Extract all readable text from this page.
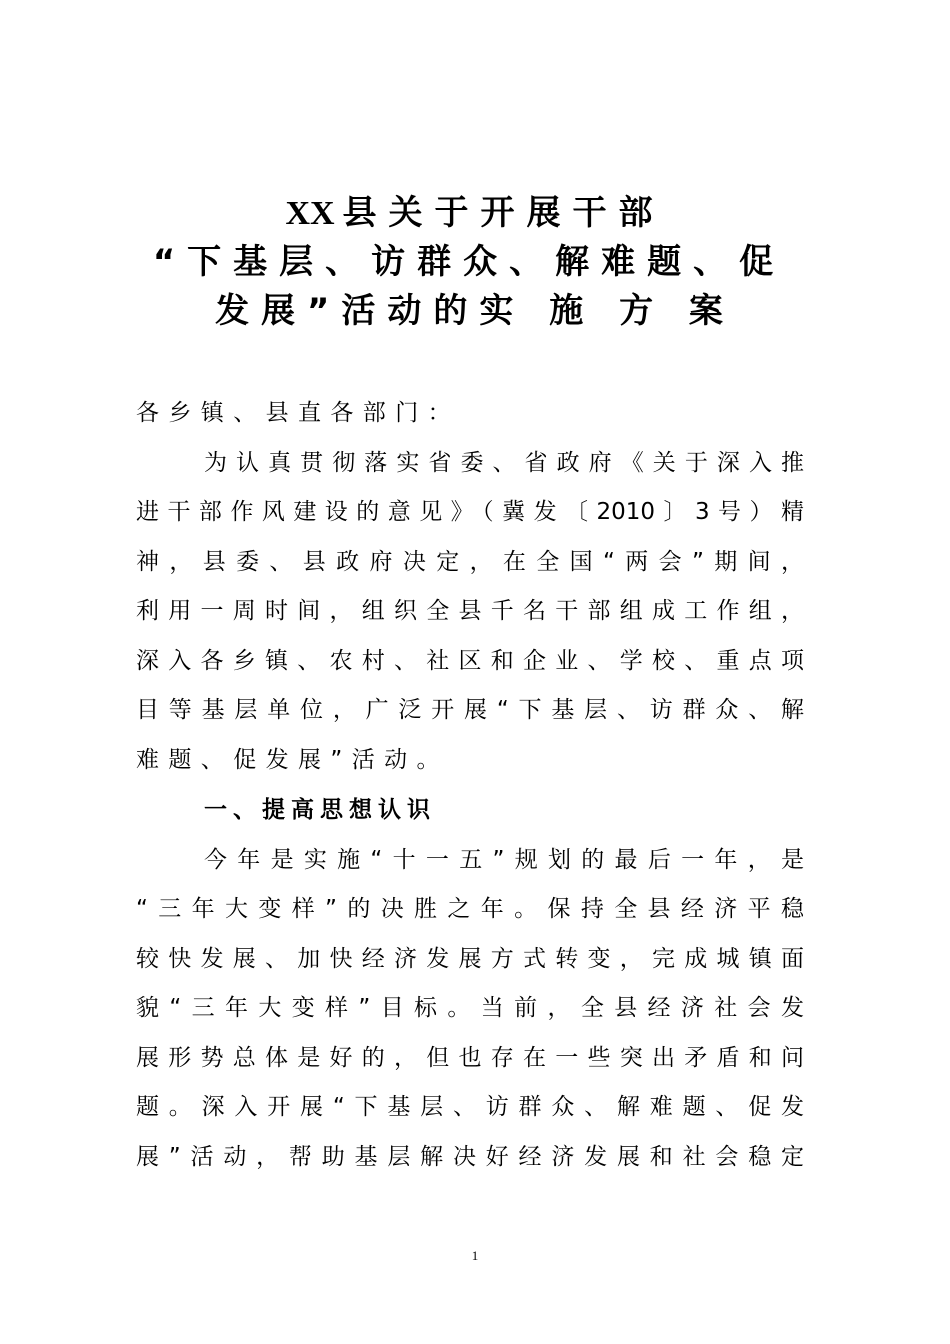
XX 县关于开展干部
“下基层、访群众、解难题、促
发展”活动的实 施 方 案
各乡镇、县直各部门：
为认真贯彻落实省委、省政府《关于深入推
进干部作风建设的意见》（冀发〔2010〕3号）精
神，县委、县政府决定，在全国“两会”期间，
利用一周时间，组织全县千名干部组成工作组，
深入各乡镇、农村、社区和企业、学校、重点项
目等基层单位，广泛开展“下基层、访群众、解
难题、促发展”活动。
一、提高思想认识
今年是实施“十一五”规划的最后一年，是
“三年大变样”的决胜之年。保持全县经济平稳
较快发展、加快经济发展方式转变，完成城镇面
貌“三年大变样”目标。当前，全县经济社会发
展形势总体是好的，但也存在一些突出矛盾和问
题。深入开展“下基层、访群众、解难题、促发
展”活动，帮助基层解决好经济发展和社会稳定
1
